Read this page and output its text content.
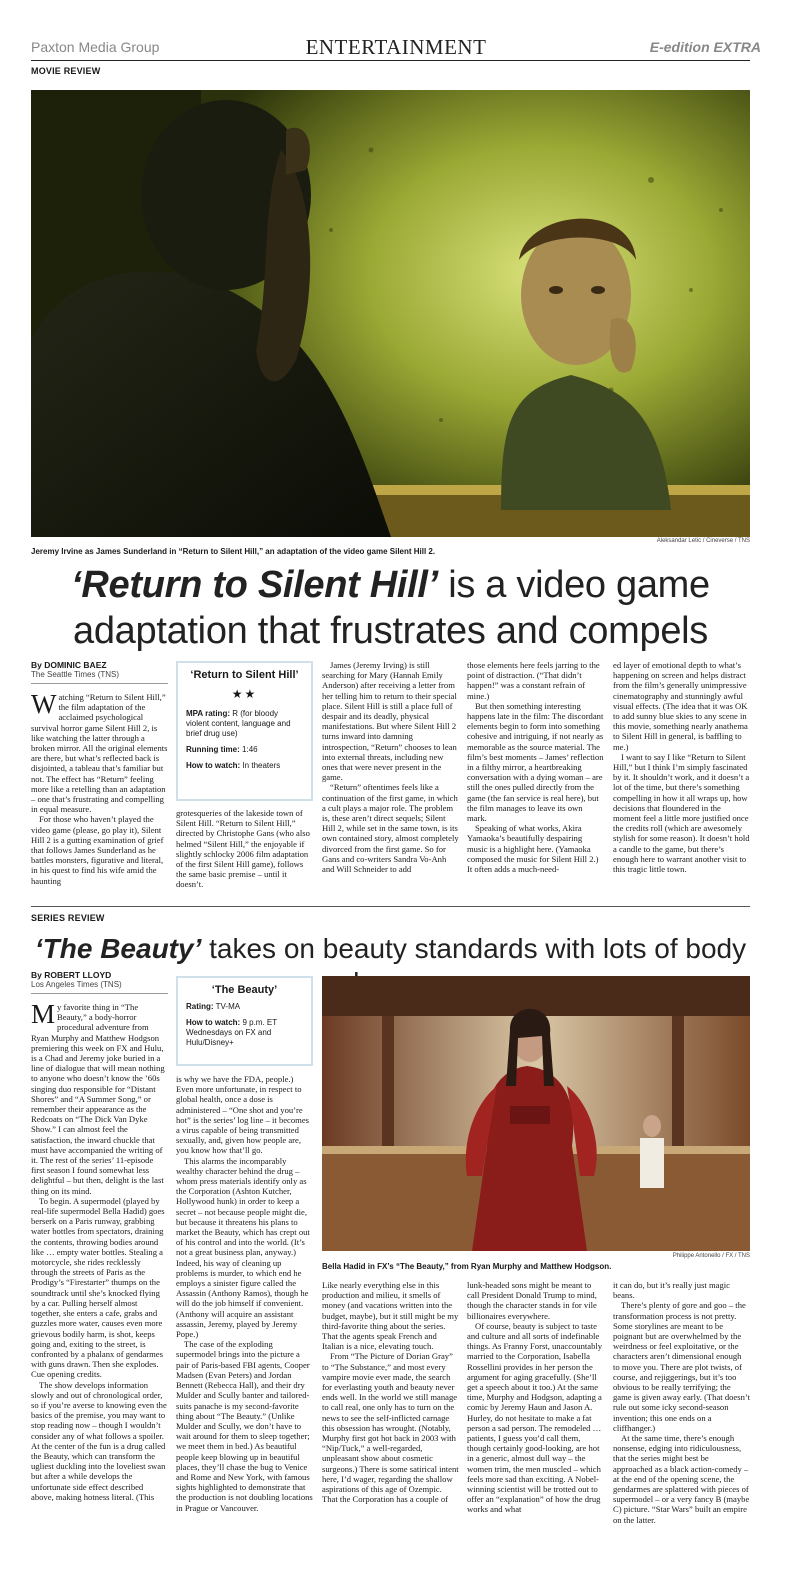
Paxton Media Group	ENTERTAINMENT	E-edition EXTRA
MOVIE REVIEW
Aleksandar Letic / Cineverse / TNS
Jeremy Irvine as James Sunderland in “Return to Silent Hill,” an adaptation of the video game Silent Hill 2.
‘Return to Silent Hill’ is a video game adaptation that frustrates and compels
By DOMINIC BAEZ
The Seattle Times (TNS)

Watching “Return to Silent Hill,” the film adaptation of the acclaimed psychological survival horror game Silent Hill 2, is like watching the latter through a broken mirror. All the original elements are there, but what’s reflected back is disjointed, a tableau that’s familiar but not. The effect has “Return” feeling more like a retelling than an adaptation – one that’s frustrating and compelling in equal measure.

For those who haven’t played the video game (please, go play it), Silent Hill 2 is a gutting examination of grief that follows James Sunderland as he battles monsters, figurative and literal, in his quest to find his wife amid the haunting

‘Return to Silent Hill’
★★
MPA rating: R (for bloody violent content, language and brief drug use)
Running time: 1:46
How to watch: In theaters

grotesqueries of the lakeside town of Silent Hill. “Return to Silent Hill,” directed by Christophe Gans (who also helmed “Silent Hill,” the enjoyable if slightly schlocky 2006 film adaptation of the first Silent Hill game), follows the same basic premise – until it doesn’t.

James (Jeremy Irving) is still searching for Mary (Hannah Emily Anderson) after receiving a letter from her telling him to return to their special place. Silent Hill is still a place full of despair and its deadly, physical manifestations. But where Silent Hill 2 turns inward into damning introspection, “Return” chooses to lean into external threats, including new ones that were never present in the game.

“Return” oftentimes feels like a continuation of the first game, in which a cult plays a major role. The problem is, these aren’t direct sequels; Silent Hill 2, while set in the same town, is its own contained story, almost completely divorced from the first game. So for Gans and co-writers Sandra Vo-Anh and Will Schneider to add

those elements here feels jarring to the point of distraction. (“That didn’t happen!” was a constant refrain of mine.)

But then something interesting happens late in the film: The discordant elements begin to form into something cohesive and intriguing, if not nearly as memorable as the source material. The film’s best moments – James’ reflection in a filthy mirror, a heartbreaking conversation with a dying woman – are still the ones pulled directly from the game (the fan service is real here), but the film manages to leave its own mark.

Speaking of what works, Akira Yamaoka’s beautifully despairing music is a highlight here. (Yamaoka composed the music for Silent Hill 2.) It often adds a much-need-

ed layer of emotional depth to what’s happening on screen and helps distract from the film’s generally unimpressive cinematography and stunningly awful visual effects. (The idea that it was OK to add sunny blue skies to any scene in this movie, something nearly anathema to Silent Hill in general, is baffling to me.)

I want to say I like “Return to Silent Hill,” but I think I’m simply fascinated by it. It shouldn’t work, and it doesn’t a lot of the time, but there’s something compelling in how it all wraps up, how decisions that floundered in the moment feel a little more justified once the credits roll (which are awesomely stylish for some reason). It doesn’t hold a candle to the game, but there’s enough here to warrant another visit to this tragic little town.

SERIES REVIEW
‘The Beauty’ takes on beauty standards with lots of body
By ROBERT LLOYD
Los Angeles Times (TNS)

My favorite thing in “The Beauty,” a body-horror procedural adventure from Ryan Murphy and Matthew Hodgson premiering this week on FX and Hulu, is a Chad and Jeremy joke buried in a line of dialogue that will mean nothing to anyone who doesn’t know the ’60s singing duo responsible for “Distant Shores” and “A Summer Song,” or remember their appearance as the Redcoats on “The Dick Van Dyke Show.” I can almost feel the satisfaction, the inward chuckle that must have accompanied the writing of it. The rest of the series’ 11-episode first season I found somewhat less delightful – but then, delight is the last thing on its mind.

To begin. A supermodel (played by real-life supermodel Bella Hadid) goes berserk on a Paris runway, grabbing water bottles from spectators, draining the contents, throwing bodies around like … empty water bottles. Stealing a motorcycle, she rides recklessly through the streets of Paris as the Prodigy’s “Firestarter” thumps on the soundtrack until she’s knocked flying by a car. Pulling herself almost together, she enters a cafe, grabs and guzzles more water, causes even more grievous bodily harm, is shot, keeps going and, exiting to the street, is confronted by a phalanx of gendarmes with guns drawn. Then she explodes. Cue opening credits.

The show develops information slowly and out of chronological order, so if you’re averse to knowing even the basics of the premise, you may want to stop reading now – though I wouldn’t consider any of what follows a spoiler. At the center of the fun is a drug called the Beauty, which can transform the ugliest duckling into the loveliest swan but after a while develops the unfortunate side effect described above, making hotness literal. (This

‘The Beauty’
Rating: TV-MA
How to watch: 9 p.m. ET Wednesdays on FX and Hulu/Disney+

is why we have the FDA, people.) Even more unfortunate, in respect to global health, once a dose is administered – “One shot and you’re hot” is the series’ log line – it becomes a virus capable of being transmitted sexually, and, given how people are, you know how that’ll go.

This alarms the incomparably wealthy character behind the drug – whom press materials identify only as the Corporation (Ashton Kutcher, Hollywood hunk) in order to keep a secret – not because people might die, but because it threatens his plans to market the Beauty, which has crept out of his control and into the world. (It’s not a great business plan, anyway.) Indeed, his way of cleaning up problems is murder, to which end he employs a sinister figure called the Assassin (Anthony Ramos), though he will do the job himself if convenient. (Anthony will acquire an assistant assassin, Jeremy, played by Jeremy Pope.)

The case of the exploding supermodel brings into the picture a pair of Paris-based FBI agents, Cooper Madsen (Evan Peters) and Jordan Bennett (Rebecca Hall), and their dry Mulder and Scully banter and tailored-suits panache is my second-favorite thing about “The Beauty.” (Unlike Mulder and Scully, we don’t have to wait around for them to sleep together; we meet them in bed.) As beautiful people keep blowing up in beautiful places, they’ll chase the bug to Venice and Rome and New York, with famous sights highlighted to demonstrate that the production is not doubling locations in Prague or Vancouver.

Philippe Antonello / FX / TNS
Bella Hadid in FX’s “The Beauty,” from Ryan Murphy and Matthew Hodgson.

Like nearly everything else in this production and milieu, it smells of money (and vacations written into the budget, maybe), but it still might be my third-favorite thing about the series. That the agents speak French and Italian is a nice, elevating touch.

From “The Picture of Dorian Gray” to “The Substance,” and most every vampire movie ever made, the search for everlasting youth and beauty never ends well. In the world we still manage to call real, one only has to turn on the news to see the self-inflicted carnage this obsession has wrought. (Notably, Murphy first got hot back in 2003 with “Nip/Tuck,” a well-regarded, unpleasant show about cosmetic surgeons.) There is some satirical intent here, I’d wager, regarding the shallow aspirations of this age of Ozempic. That the Corporation has a couple of

lunk-headed sons might be meant to call President Donald Trump to mind, though the character stands in for vile billionaires everywhere.

Of course, beauty is subject to taste and culture and all sorts of indefinable things. As Franny Forst, unaccountably married to the Corporation, Isabella Rossellini provides in her person the argument for aging gracefully. (She’ll get a speech about it too.) At the same time, Murphy and Hodgson, adapting a comic by Jeremy Haun and Jason A. Hurley, do not hesitate to make a fat person a sad person. The remodeled … patients, I guess you’d call them, though certainly good-looking, are hot in a generic, almost dull way – the women trim, the men muscled – which feels more sad than exciting. A Nobel-winning scientist will be trotted out to offer an “explanation” of how the drug works and what

it can do, but it’s really just magic beans.

There’s plenty of gore and goo – the transformation process is not pretty. Some storylines are meant to be poignant but are overwhelmed by the weirdness or feel exploitative, or the characters aren’t dimensional enough to move you. There are plot twists, of course, and rejiggerings, but it’s too obvious to be really terrifying; the game is given away early. (That doesn’t rule out some icky second-season invention; this one ends on a cliffhanger.)

At the same time, there’s enough nonsense, edging into ridiculousness, that the series might best be approached as a black action-comedy – at the end of the opening scene, the gendarmes are splattered with pieces of supermodel – or a very fancy B (maybe C) picture. “Star Wars” built an empire on the latter.
